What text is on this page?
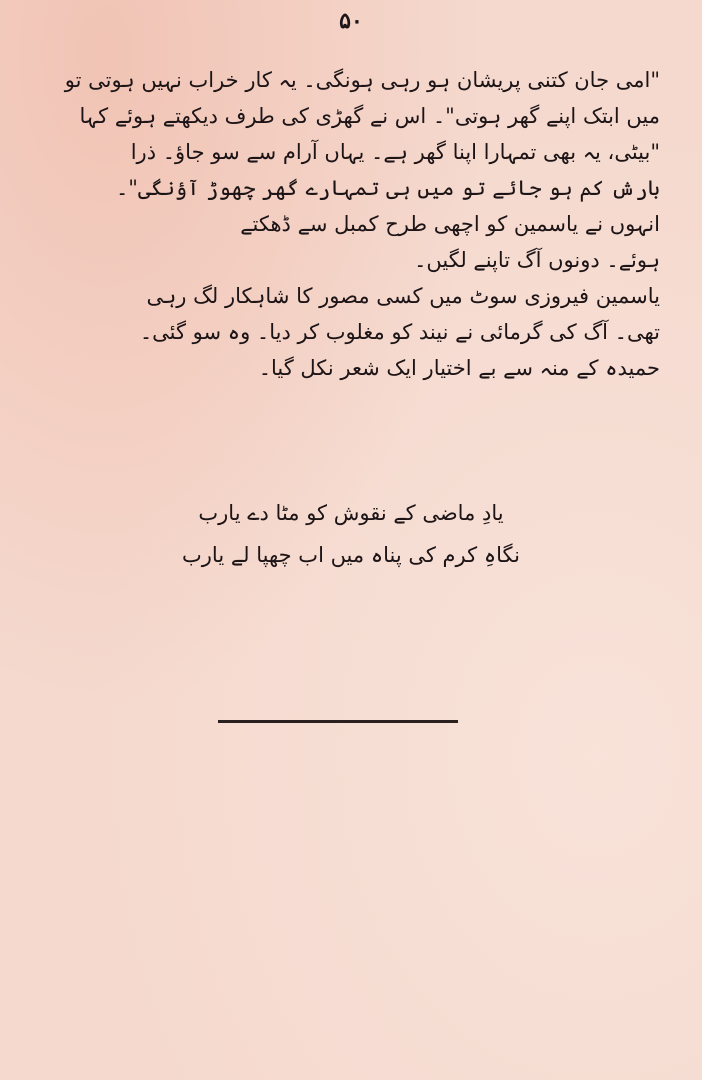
۵۰
"امی جان کتنی پریشان ہو رہی ہونگی۔ یہ کار خراب نہیں ہوتی تو
میں ابتک اپنے گھر ہوتی"۔ اس نے گھڑی کی طرف دیکھتے ہوئے کہا
"بیٹی، یہ بھی تمہارا اپنا گھر ہے۔ یہاں آرام سے سو جاؤ۔ ذرا
بارش کم ہو جائے تو میں ہی تمہارے گھر چھوڑ آؤنگی"۔
انہوں نے یاسمین کو اچھی طرح کمبل سے ڈھکتے
ہوئے۔ دونوں آگ تاپنے لگیں۔
یاسمین فیروزی سوٹ میں کسی مصور کا شاہکار لگ رہی
تھی۔ آگ کی گرمائی نے نیند کو مغلوب کر دیا۔ وہ سو گئی۔
حمیدہ کے منہ سے بے اختیار ایک شعر نکل گیا۔
یادِ ماضی کے نقوش کو مٹا دے یارب
نگاہِ کرم کی پناہ میں اب چھپا لے یارب
